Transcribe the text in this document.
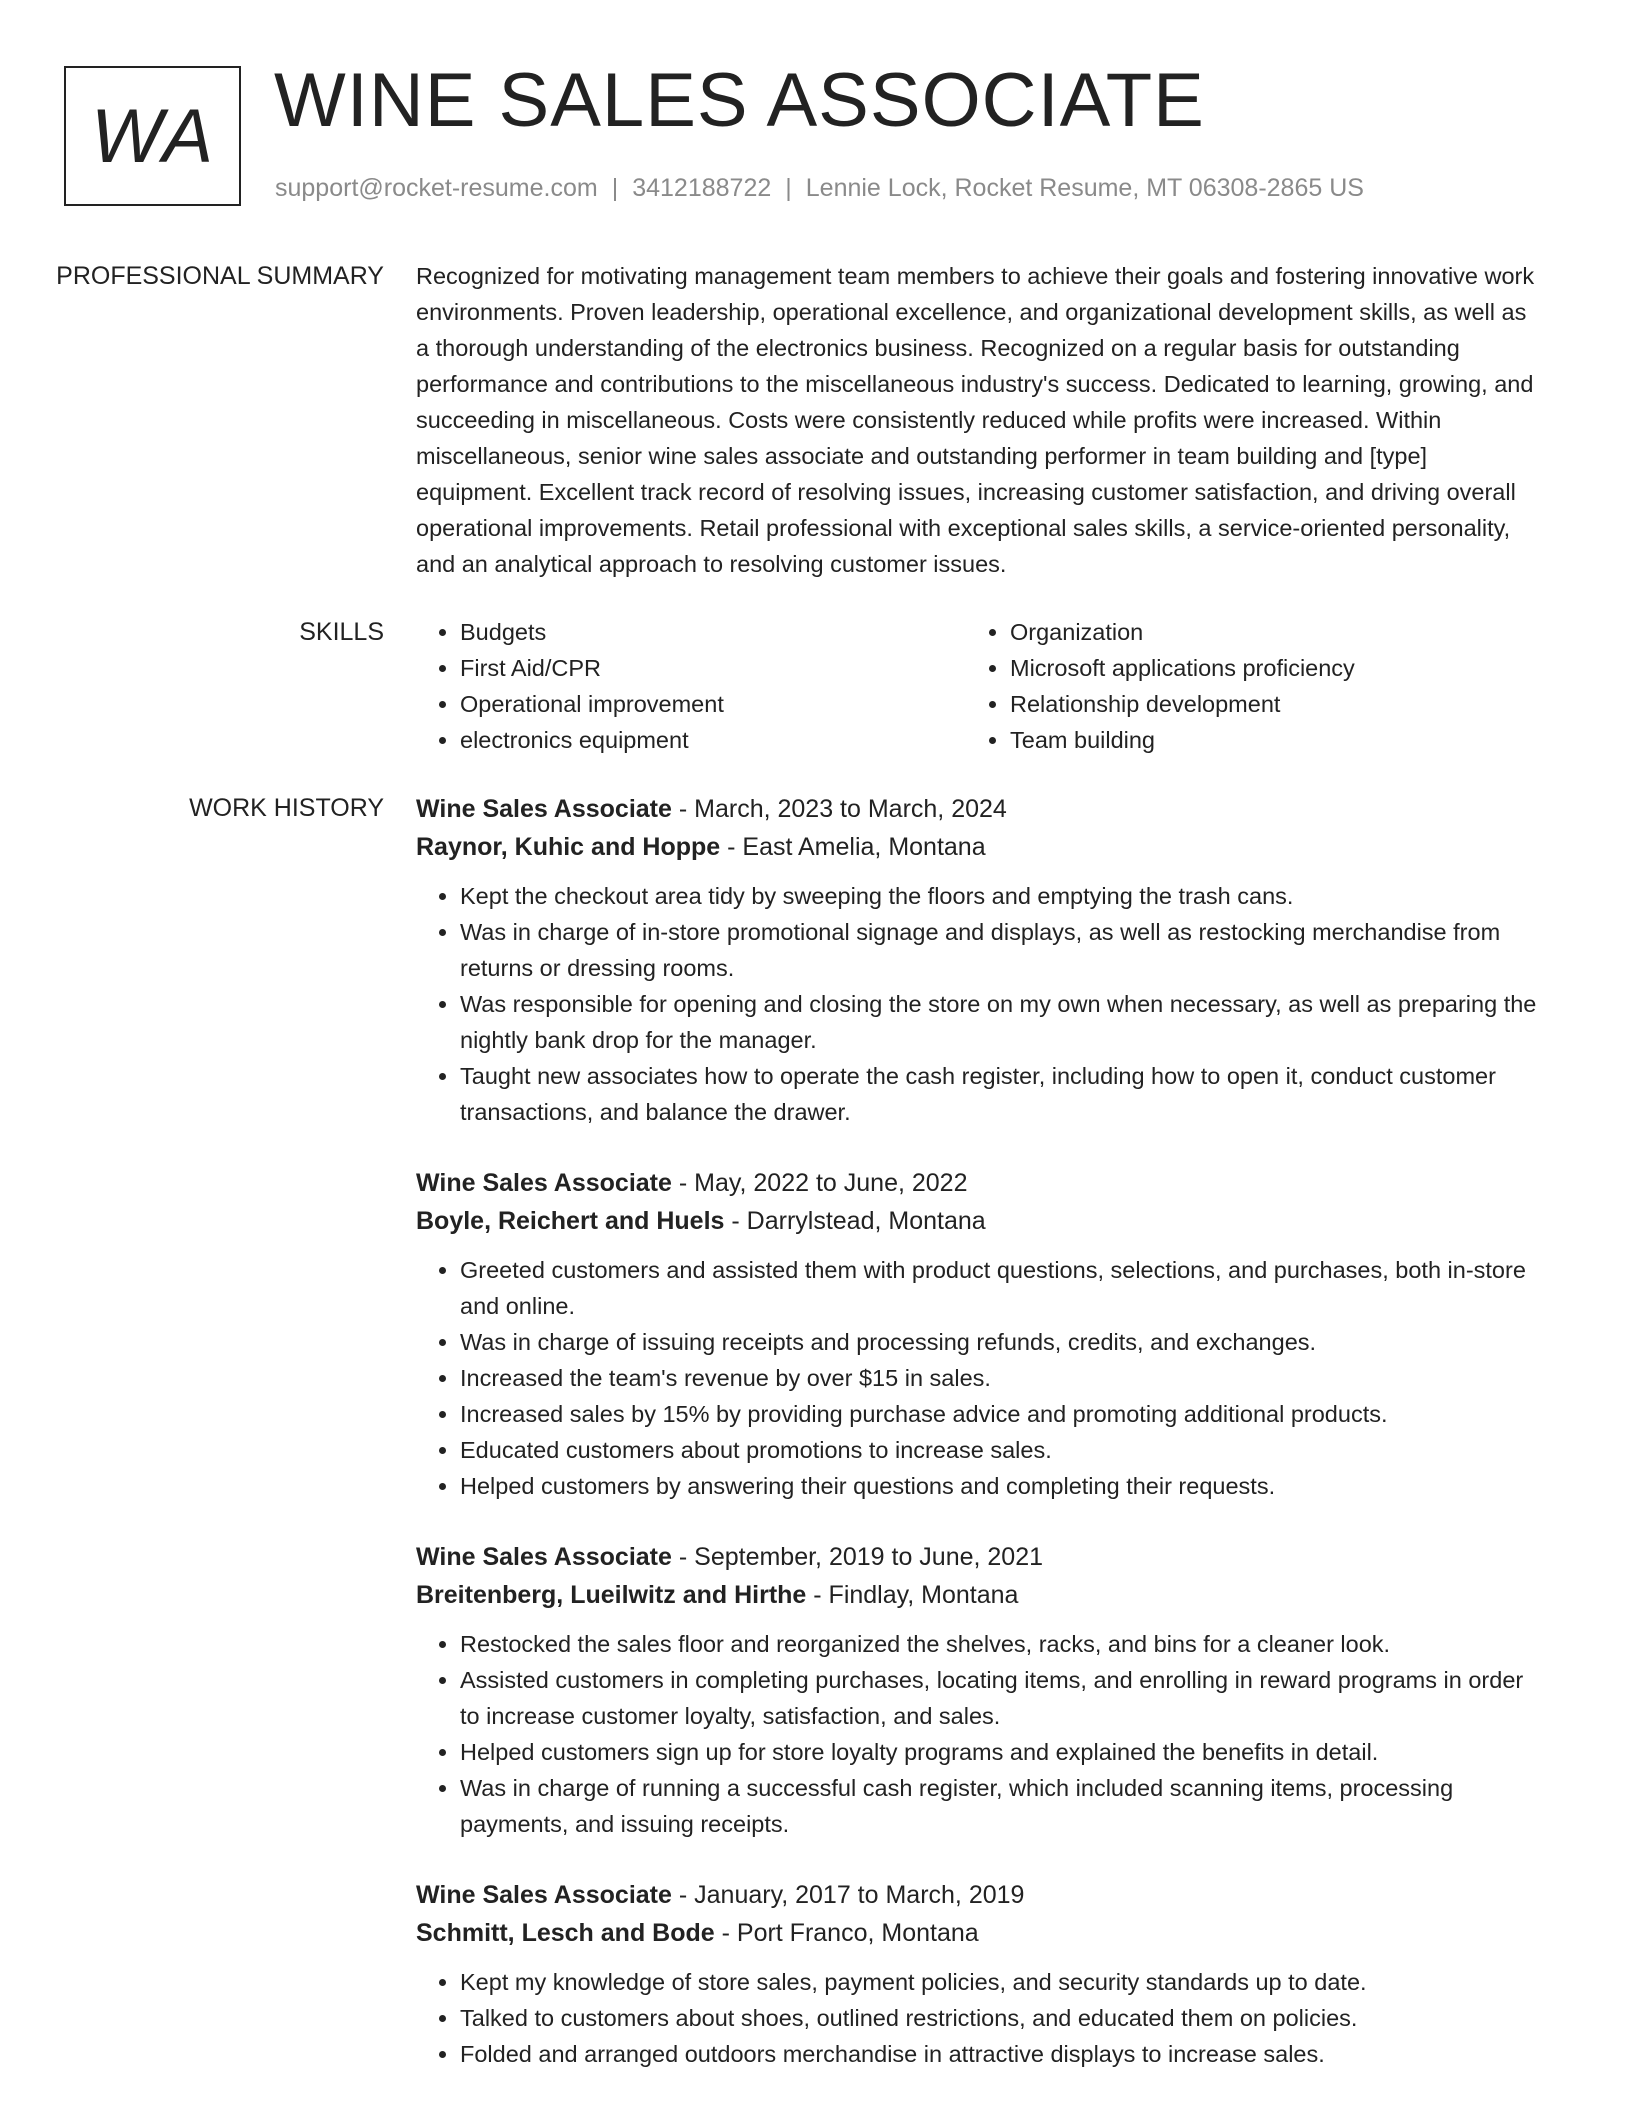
WA WINE SALES ASSOCIATE
support@rocket-resume.com | 3412188722 | Lennie Lock, Rocket Resume, MT 06308-2865 US
PROFESSIONAL SUMMARY	Recognized for motivating management team members to achieve their goals and fostering innovative work environments. Proven leadership, operational excellence, and organizational development skills, as well as a thorough understanding of the electronics business. Recognized on a regular basis for outstanding performance and contributions to the miscellaneous industry's success. Dedicated to learning, growing, and succeeding in miscellaneous. Costs were consistently reduced while profits were increased. Within miscellaneous, senior wine sales associate and outstanding performer in team building and [type] equipment. Excellent track record of resolving issues, increasing customer satisfaction, and driving overall operational improvements. Retail professional with exceptional sales skills, a service-oriented personality, and an analytical approach to resolving customer issues.

SKILLS
•	Budgets
• First Aid/CPR
• Operational improvement
• electronics equipment
• Organization
• Microsoft applications proficiency
• Relationship development
• Team building
WORK HISTORY	Wine Sales Associate - March, 2023 to March, 2024
Raynor, Kuhic and Hoppe - East Amelia, Montana
• Kept the checkout area tidy by sweeping the floors and emptying the trash cans.
• Was in charge of in-store promotional signage and displays, as well as restocking merchandise from returns or dressing rooms.
• Was responsible for opening and closing the store on my own when necessary, as well as preparing the nightly bank drop for the manager.
• Taught new associates how to operate the cash register, including how to open it, conduct customer transactions, and balance the drawer.
Wine Sales Associate - May, 2022 to June, 2022
Boyle, Reichert and Huels - Darrylstead, Montana
• Greeted customers and assisted them with product questions, selections, and purchases, both in-store and online.
• Was in charge of issuing receipts and processing refunds, credits, and exchanges.
• Increased the team's revenue by over $15 in sales.
• Increased sales by 15% by providing purchase advice and promoting additional products.
• Educated customers about promotions to increase sales.
• Helped customers by answering their questions and completing their requests.
Wine Sales Associate - September, 2019 to June, 2021
Breitenberg, Lueilwitz and Hirthe - Findlay, Montana
• Restocked the sales floor and reorganized the shelves, racks, and bins for a cleaner look.
• Assisted customers in completing purchases, locating items, and enrolling in reward programs in order to increase customer loyalty, satisfaction, and sales.
• Helped customers sign up for store loyalty programs and explained the benefits in detail.
• Was in charge of running a successful cash register, which included scanning items, processing payments, and issuing receipts.
Wine Sales Associate - January, 2017 to March, 2019
Schmitt, Lesch and Bode - Port Franco, Montana
• Kept my knowledge of store sales, payment policies, and security standards up to date.
• Talked to customers about shoes, outlined restrictions, and educated them on policies.
• Folded and arranged outdoors merchandise in attractive displays to increase sales.
